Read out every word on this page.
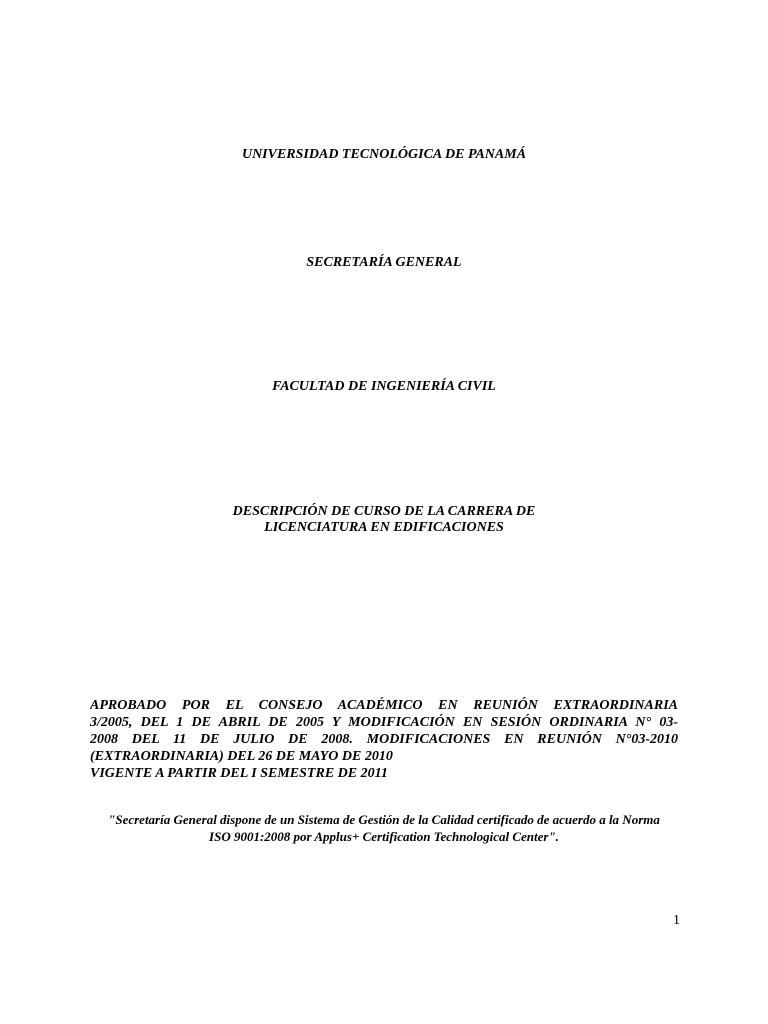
UNIVERSIDAD TECNOLÓGICA DE PANAMÁ
SECRETARÍA GENERAL
FACULTAD DE INGENIERÍA CIVIL
DESCRIPCIÓN DE CURSO DE LA CARRERA DE
LICENCIATURA EN EDIFICACIONES
APROBADO POR EL CONSEJO ACADÉMICO EN REUNIÓN EXTRAORDINARIA
3/2005, DEL 1 DE ABRIL DE 2005 Y MODIFICACIÓN EN SESIÓN ORDINARIA N° 03-
2008 DEL 11 DE JULIO DE 2008. MODIFICACIONES EN REUNIÓN N°03-2010
(EXTRAORDINARIA) DEL 26 DE MAYO DE 2010
VIGENTE A PARTIR DEL I SEMESTRE DE 2011
"Secretaría General dispone de un Sistema de Gestión de la Calidad certificado de acuerdo a la Norma
ISO 9001:2008 por Applus+ Certification Technological Center".
1
